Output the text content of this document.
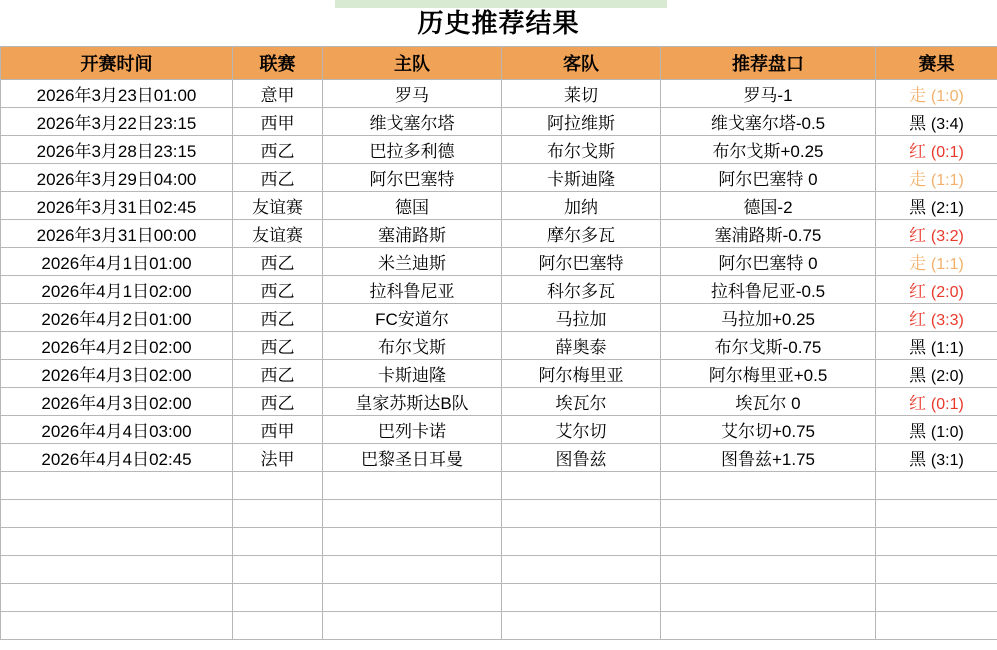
历史推荐结果
开赛时间	联赛	主队	客队	推荐盘口	赛果
2026年3月23日01:00	意甲	罗马	莱切	罗马-1	走 (1:0)
2026年3月22日23:15	西甲	维戈塞尔塔	阿拉维斯	维戈塞尔塔-0.5	黑 (3:4)
2026年3月28日23:15	西乙	巴拉多利德	布尔戈斯	布尔戈斯+0.25	红 (0:1)
2026年3月29日04:00	西乙	阿尔巴塞特	卡斯迪隆	阿尔巴塞特 0	走 (1:1)
2026年3月31日02:45	友谊赛	德国	加纳	德国-2	黑 (2:1)
2026年3月31日00:00	友谊赛	塞浦路斯	摩尔多瓦	塞浦路斯-0.75	红 (3:2)
2026年4月1日01:00	西乙	米兰迪斯	阿尔巴塞特	阿尔巴塞特 0	走 (1:1)
2026年4月1日02:00	西乙	拉科鲁尼亚	科尔多瓦	拉科鲁尼亚-0.5	红 (2:0)
2026年4月2日01:00	西乙	FC安道尔	马拉加	马拉加+0.25	红 (3:3)
2026年4月2日02:00	西乙	布尔戈斯	薛奥泰	布尔戈斯-0.75	黑 (1:1)
2026年4月3日02:00	西乙	卡斯迪隆	阿尔梅里亚	阿尔梅里亚+0.5	黑 (2:0)
2026年4月3日02:00	西乙	皇家苏斯达B队	埃瓦尔	埃瓦尔 0	红 (0:1)
2026年4月4日03:00	西甲	巴列卡诺	艾尔切	艾尔切+0.75	黑 (1:0)
2026年4月4日02:45	法甲	巴黎圣日耳曼	图鲁兹	图鲁兹+1.75	黑 (3:1)
